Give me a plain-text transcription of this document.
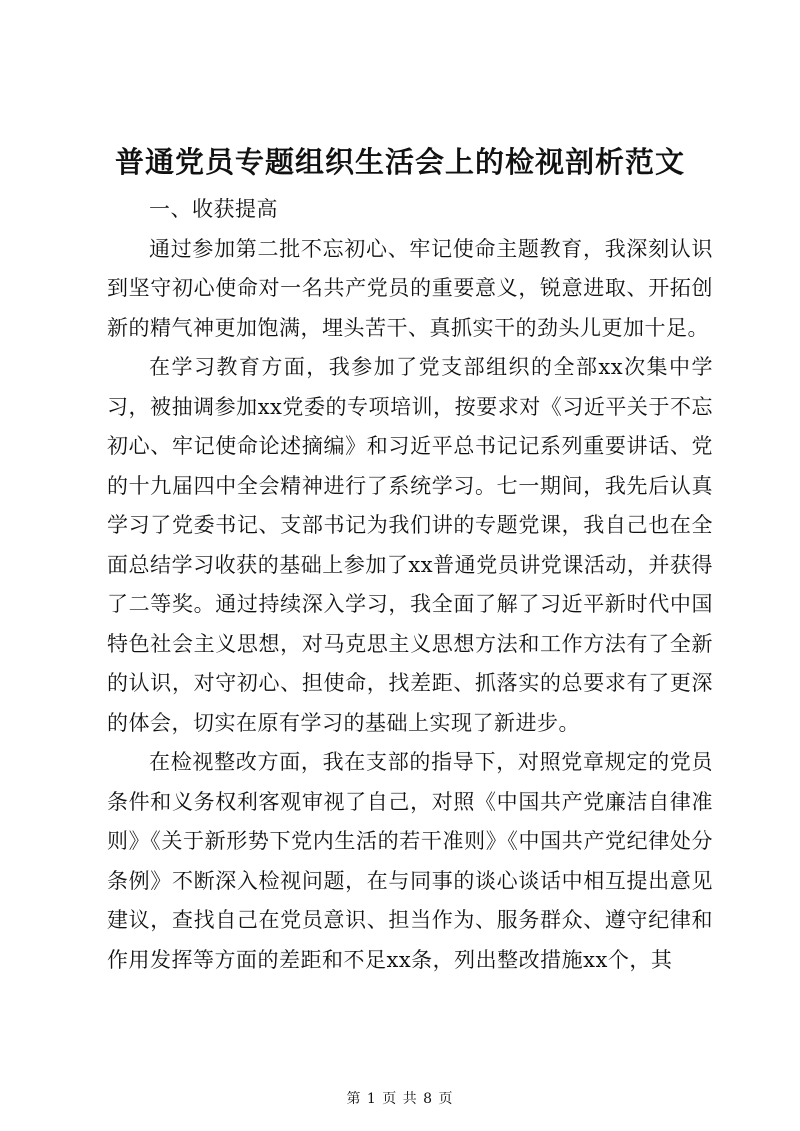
普通党员专题组织生活会上的检视剖析范文

一、收获提高

通过参加第二批不忘初心、牢记使命主题教育，我深刻认识到坚守初心使命对一名共产党员的重要意义，锐意进取、开拓创新的精气神更加饱满，埋头苦干、真抓实干的劲头儿更加十足。

在学习教育方面，我参加了党支部组织的全部xx次集中学习，被抽调参加xx党委的专项培训，按要求对《习近平关于不忘初心、牢记使命论述摘编》和习近平总书记记系列重要讲话、党的十九届四中全会精神进行了系统学习。七一期间，我先后认真学习了党委书记、支部书记为我们讲的专题党课，我自己也在全面总结学习收获的基础上参加了xx普通党员讲党课活动，并获得了二等奖。通过持续深入学习，我全面了解了习近平新时代中国特色社会主义思想，对马克思主义思想方法和工作方法有了全新的认识，对守初心、担使命，找差距、抓落实的总要求有了更深的体会，切实在原有学习的基础上实现了新进步。

在检视整改方面，我在支部的指导下，对照党章规定的党员条件和义务权利客观审视了自己，对照《中国共产党廉洁自律准则》《关于新形势下党内生活的若干准则》《中国共产党纪律处分条例》不断深入检视问题，在与同事的谈心谈话中相互提出意见建议，查找自己在党员意识、担当作为、服务群众、遵守纪律和作用发挥等方面的差距和不足xx条，列出整改措施xx个，其

第 1 页 共 8 页
